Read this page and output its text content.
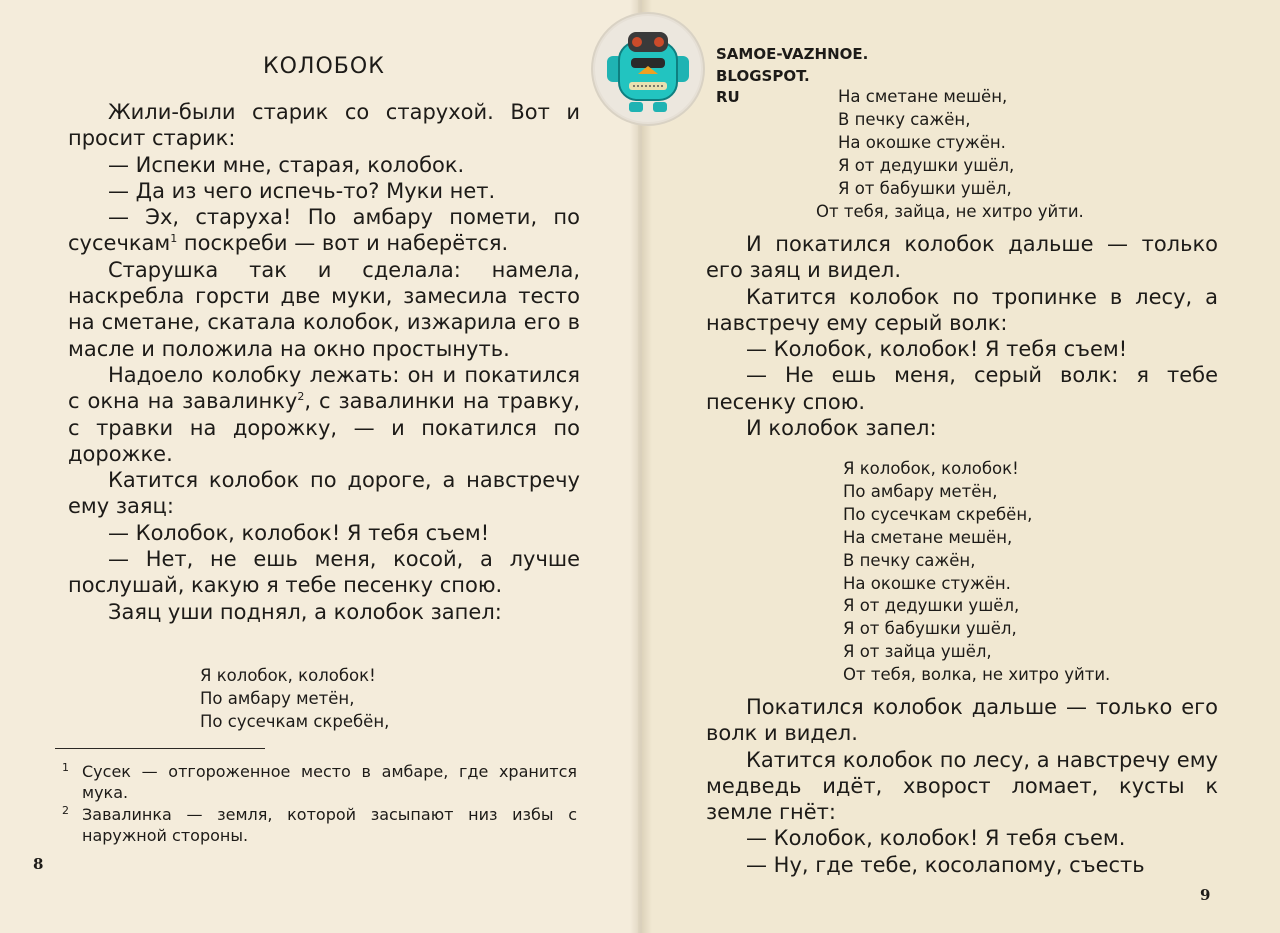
КОЛОБОК

Жили-были старик со старухой. Вот и просит старик:

— Испеки мне, старая, колобок.

— Да из чего испечь-то? Муки нет.

— Эх, старуха! По амбару помети, по сусечкам$^1$ поскреби — вот и наберётся.

Старушка так и сделала: намела, наскребла горсти две муки, замесила тесто на сметане, скатала колобок, изжарила его в масле и положила на окно простынуть.

Надоело колобку лежать: он и покатился с окна на завалинку$^2$, с завалинки на травку, с травки на дорожку, — и покатился по дорожке.

Катится колобок по дороге, а навстречу ему заяц:

— Колобок, колобок! Я тебя съем!

— Нет, не ешь меня, косой, а лучше послушай, какую я тебе песенку спою.

Заяц уши поднял, а колобок запел:

Я колобок, колобок!
По амбару метён,
По сусечкам скребён,
1 Сусек — отгороженное место в амбаре, где хранится мука.
2 Завалинка — земля, которой засыпают низ избы с наружной стороны.
8
SAMOE-VAZHNOE.
BLOGSPOT.
RU	На сметане мешён,
В печку сажён,
На окошке стужён.
Я от дедушки ушёл,
Я от бабушки ушёл,
От тебя, зайца, не хитро уйти.

И покатился колобок дальше — только его заяц и видел.

Катится колобок по тропинке в лесу, а навстречу ему серый волк:

— Колобок, колобок! Я тебя съем!

— Не ешь меня, серый волк: я тебе песенку спою.

И колобок запел:

Я колобок, колобок!
По амбару метён,
По сусечкам скребён,
На сметане мешён,
В печку сажён,
На окошке стужён.
Я от дедушки ушёл,
Я от бабушки ушёл,
Я от зайца ушёл,
От тебя, волка, не хитро уйти.

Покатился колобок дальше — только его волк и видел.

Катится колобок по лесу, а навстречу ему медведь идёт, хворост ломает, кусты к земле гнёт:

— Колобок, колобок! Я тебя съем.

— Ну, где тебе, косолапому, съесть

9
